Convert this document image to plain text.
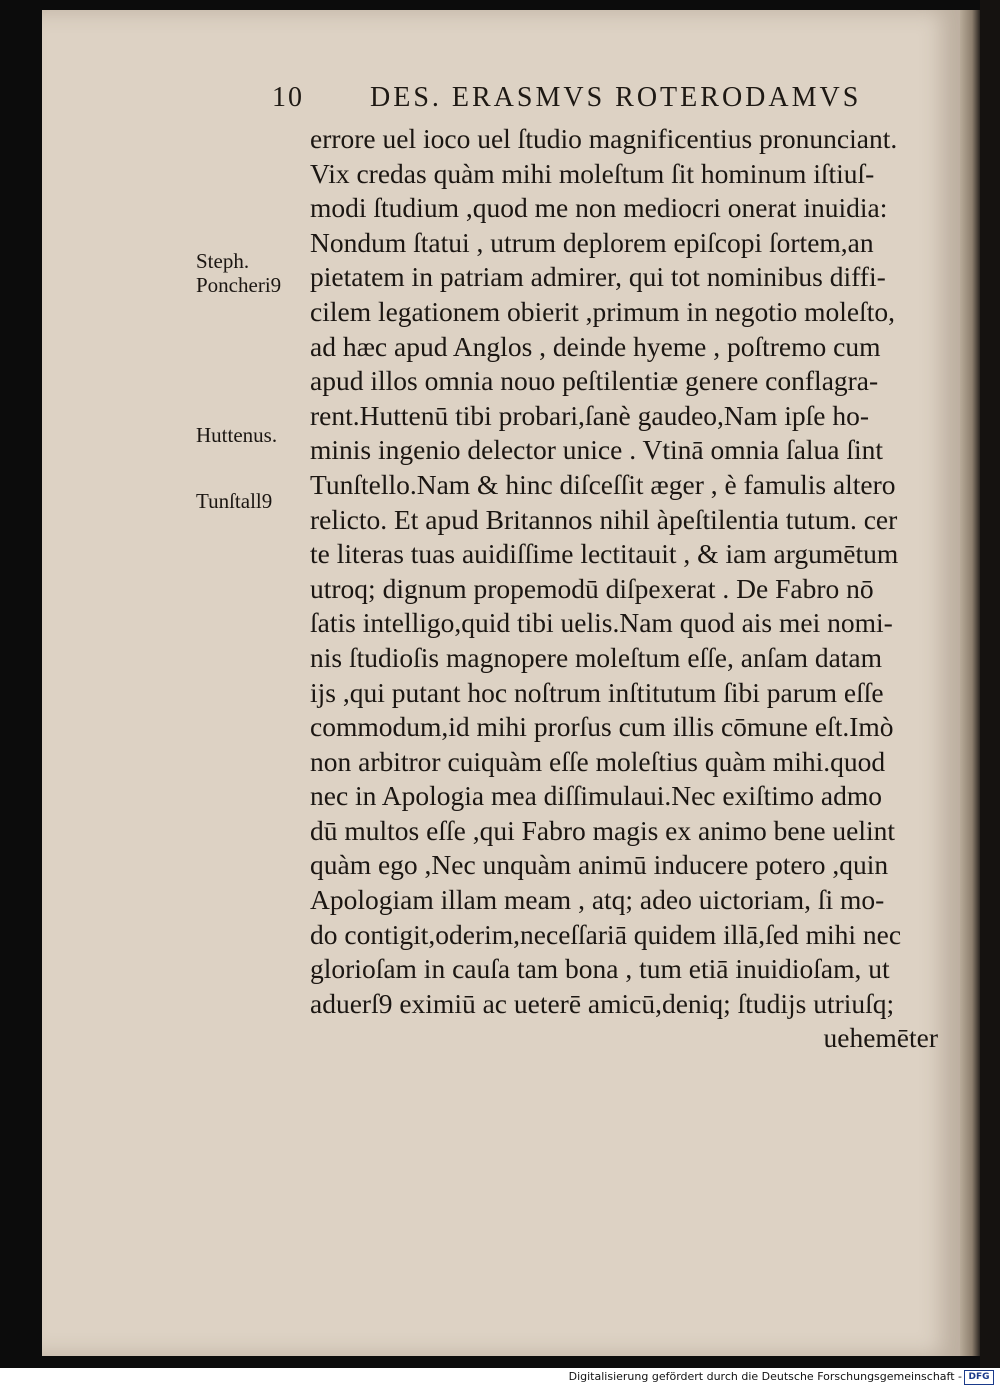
10 DES. ERASMVS ROTERODAMVS
Steph.
Poncheri9
Huttenus.
Tunſtall9
errore uel ioco uel ſtudio magnificentius pronunciant.
Vix credas quàm mihi moleſtum ſit hominum iſtiuſ-
modi ſtudium ,quod me non mediocri onerat inuidia:
Nondum ſtatui , utrum deplorem epiſcopi ſortem,an
pietatem in patriam admirer, qui tot nominibus diffi-
cilem legationem obierit ,primum in negotio moleſto,
ad hæc apud Anglos , deinde hyeme , poſtremo cum
apud illos omnia nouo peſtilentiæ genere conflagra-
rent.Huttenū tibi probari,ſanè gaudeo,Nam ipſe ho-
minis ingenio delector unice . Vtinā omnia ſalua ſint
Tunſtello.Nam & hinc diſceſſit æger , è famulis altero
relicto. Et apud Britannos nihil àpeſtilentia tutum. cer
te literas tuas auidiſſime lectitauit , & iam argumētum
utroq; dignum propemodū diſpexerat . De Fabro nō
ſatis intelligo,quid tibi uelis.Nam quod ais mei nomi-
nis ſtudioſis magnopere moleſtum eſſe, anſam datam
ijs ,qui putant hoc noſtrum inſtitutum ſibi parum eſſe
commodum,id mihi prorſus cum illis cōmune eſt.Imò
non arbitror cuiquàm eſſe moleſtius quàm mihi.quod
nec in Apologia mea diſſimulaui.Nec exiſtimo admo
dū multos eſſe ,qui Fabro magis ex animo bene uelint
quàm ego ,Nec unquàm animū inducere potero ,quin
Apologiam illam meam , atq; adeo uictoriam, ſi mo-
do contigit,oderim,neceſſariā quidem illā,ſed mihi nec
glorioſam in cauſa tam bona , tum etiā inuidioſam, ut
aduerſ9 eximiū ac ueterē amicū,deniq; ſtudijs utriuſq;
uehemēter
Digitalisierung gefördert durch die Deutsche Forschungsgemeinschaft - DFG
